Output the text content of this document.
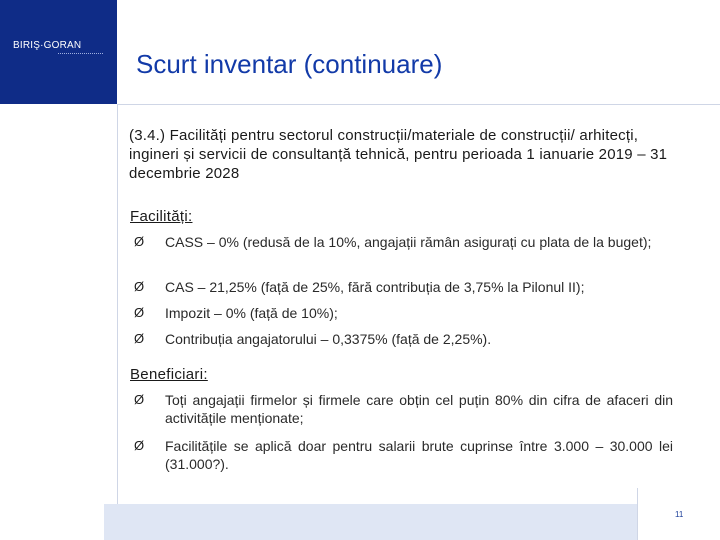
BIRIŞ·GORAN
Scurt inventar (continuare)
(3.4.) Facilități pentru sectorul construcții/materiale de construcții/ arhitecți, ingineri și servicii de consultanță tehnică, pentru perioada 1 ianuarie 2019 – 31 decembrie 2028
Facilități:
Ø CASS – 0% (redusă de la 10%, angajații rămân asigurați cu plata de la buget);
Ø CAS – 21,25% (față de 25%, fără contribuția de 3,75% la Pilonul II);
Ø Impozit – 0% (față de 10%);
Ø Contribuția angajatorului – 0,3375% (față de 2,25%).
Beneficiari:
Ø Toți angajații firmelor și firmele care obțin cel puțin 80% din cifra de afaceri din activitățile menționate;
Ø Facilitățile se aplică doar pentru salarii brute cuprinse între 3.000 – 30.000 lei (31.000?).
11
